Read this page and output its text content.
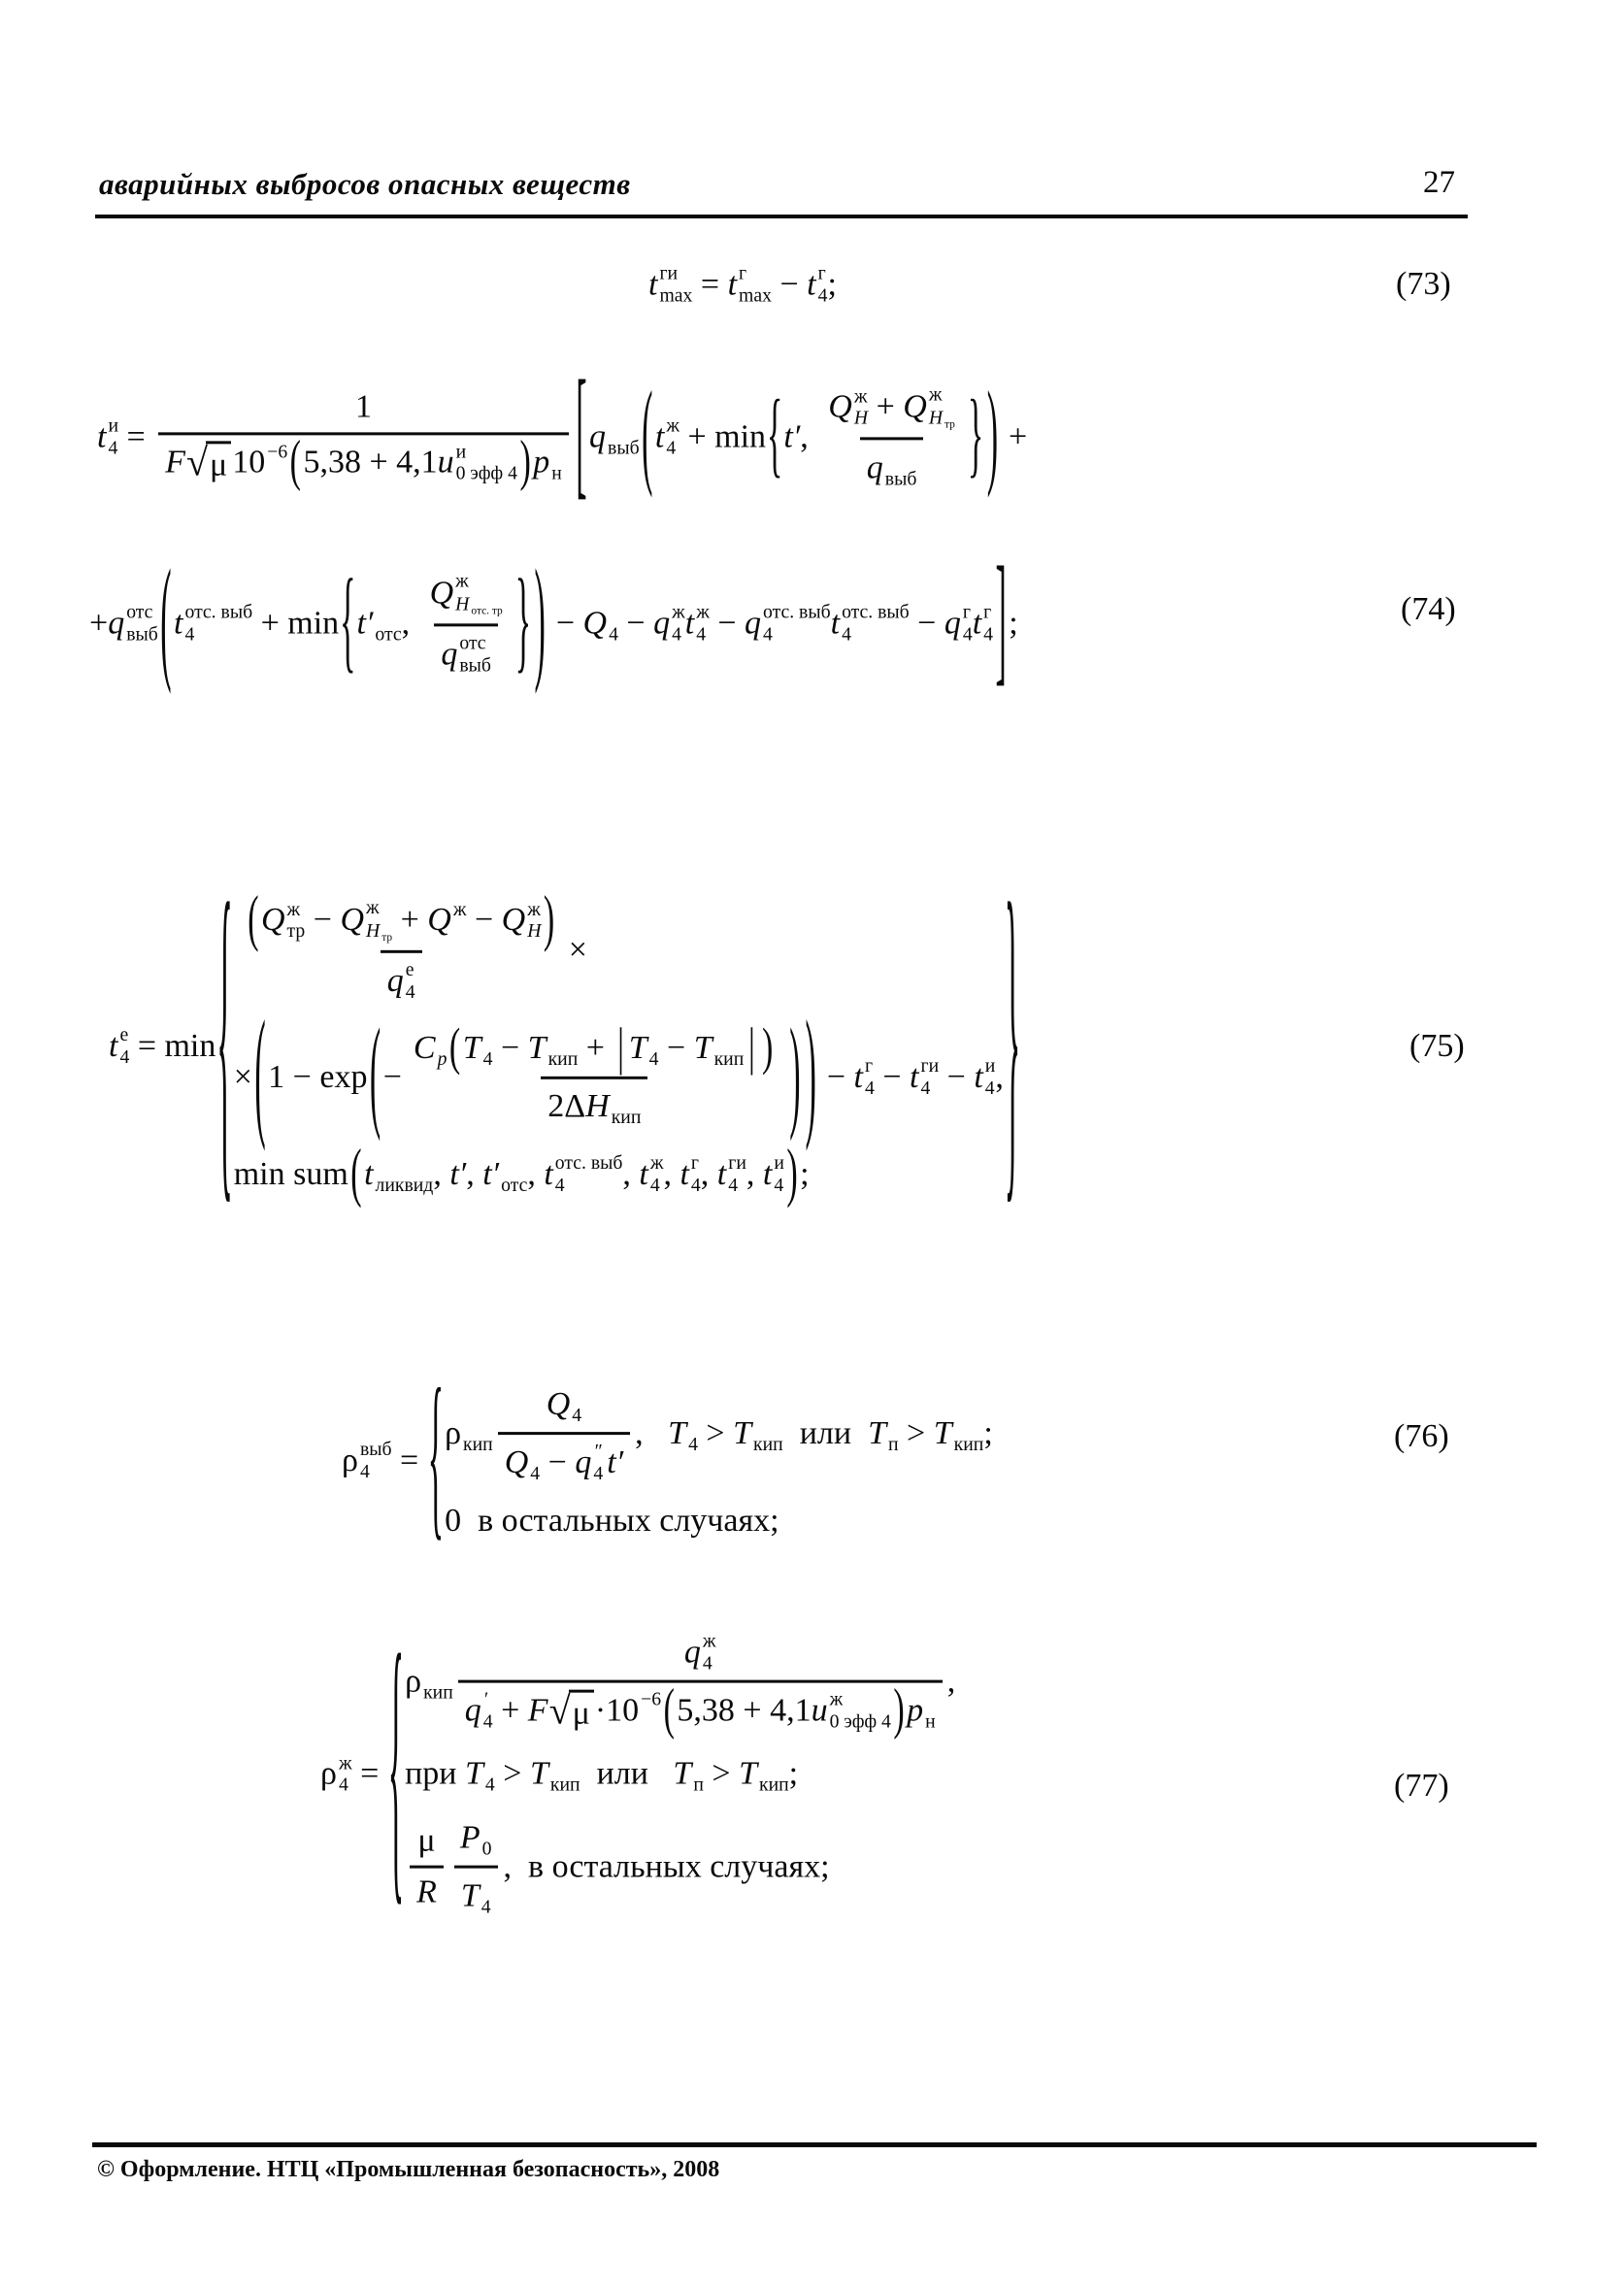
аварийных выбросов опасных веществ	27
t ги
max = t г
max − t г
4 ;	(73)
t и
4 = 1
F √ μ 10 −6 ( 5,38 + 4,1 u и
0 эфф 4 ) p н [ q выб ( t ж
4 + min { t′ , Q ж
H + Q ж
H тр
q выб } ) +
+ q отс
выб ( t отс. выб
4 + min { t′ отс , Q ж
H отс. тр
q отс
выб } ) − Q 4 − q ж
4 t ж
4 − q отс. выб
4 t отс. выб
4 − q г
4 t г
4 ] ;	(74)
t е
4 = min { ( Q ж
тр − Q ж
H тр + Q ж − Q ж
H )
q е
4 ×
× ( 1 − exp ( − $\frac{\text{C p ( T 4 − T кип + | T 4 − T кип | )}}{\text{2Δ H кип}}$ ) ) − t г
4 − t ги
4 − t и
4 ,
min sum ( t ликвид , t′ , t′ отс , t отс. выб
4 , t ж
4 , t г
4 , t ги
4 , t и
4 ) ;	}	(75)
ρ выб
4 = { ρ кип Q 4
Q 4 − q ″
4 t′ , T 4 > T кип или T п > T кип ;
0  в остальных случаях;
(76)
ρ ж
4 = { ρ кип q ж
4
q ′
4 + F √ μ · 10 −6 ( 5,38 + 4,1 u ж
0 эфф 4 ) p н ,
при T 4 > T кип или T п > T кип ;
$\frac{\mu}{R} \frac{P 0}{T 4}$ ,  в остальных случаях;
(77)
© Оформление. НТЦ «Промышленная безопасность», 2008
